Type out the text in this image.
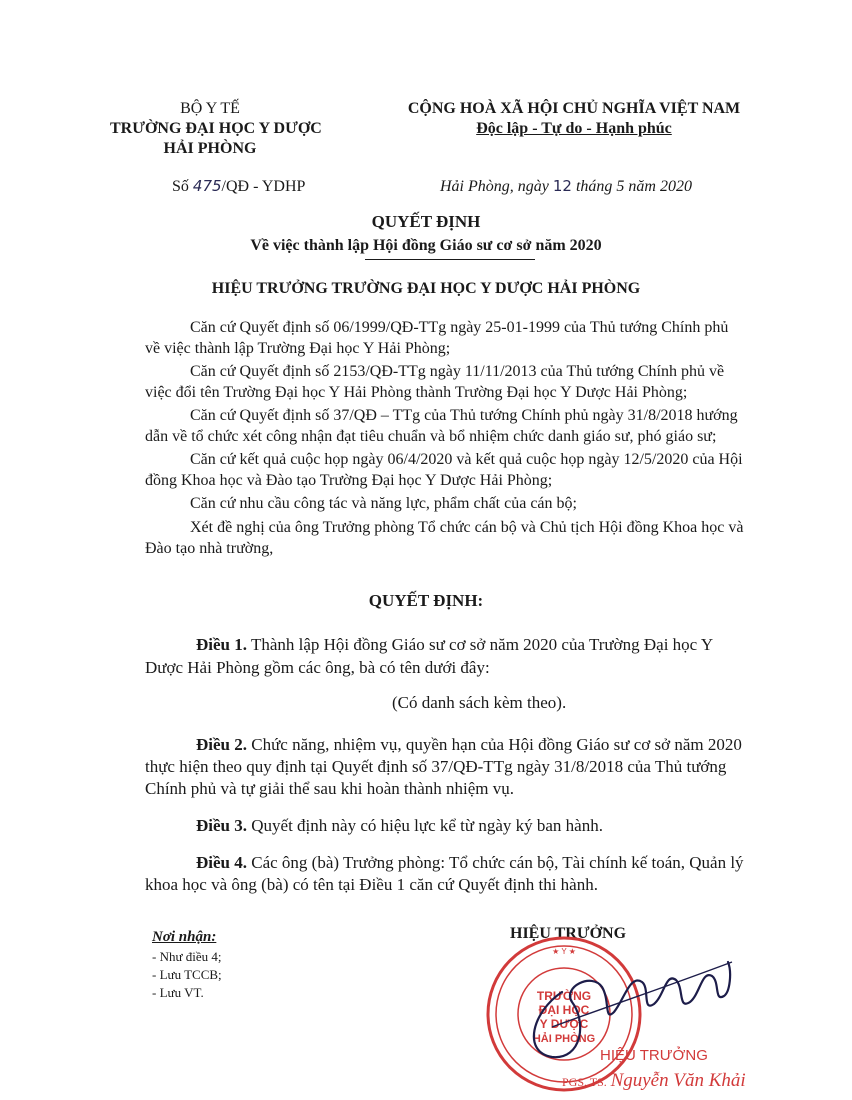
BỘ Y TẾ
TRƯỜNG ĐẠI HỌC Y DƯỢC
HẢI PHÒNG
CỘNG HOÀ XÃ HỘI CHỦ NGHĨA VIỆT NAM
Độc lập - Tự do - Hạnh phúc
Số 475/QĐ - YDHP	Hải Phòng, ngày 12 tháng 5 năm 2020
QUYẾT ĐỊNH
Về việc thành lập Hội đồng Giáo sư cơ sở năm 2020
HIỆU TRƯỞNG TRƯỜNG ĐẠI HỌC Y DƯỢC HẢI PHÒNG
Căn cứ Quyết định số 06/1999/QĐ-TTg ngày 25-01-1999 của Thủ tướng Chính phủ
về việc thành lập Trường Đại học Y Hải Phòng;
Căn cứ Quyết định số 2153/QĐ-TTg ngày 11/11/2013 của Thủ tướng Chính phủ về
việc đổi tên Trường Đại học Y Hải Phòng thành Trường Đại học Y Dược Hải Phòng;
Căn cứ Quyết định số 37/QĐ – TTg của Thủ tướng Chính phủ ngày 31/8/2018 hướng
dẫn về tổ chức xét công nhận đạt tiêu chuẩn và bổ nhiệm chức danh giáo sư, phó giáo sư;
Căn cứ kết quả cuộc họp ngày 06/4/2020 và kết quả cuộc họp ngày 12/5/2020 của Hội
đồng Khoa học và Đào tạo Trường Đại học Y Dược Hải Phòng;
Căn cứ nhu cầu công tác và năng lực, phẩm chất của cán bộ;
Xét đề nghị của ông Trưởng phòng Tổ chức cán bộ và Chủ tịch Hội đồng Khoa học và
Đào tạo nhà trường,
QUYẾT ĐỊNH:
Điều 1. Thành lập Hội đồng Giáo sư cơ sở năm 2020 của Trường Đại học Y
Dược Hải Phòng gồm các ông, bà có tên dưới đây:
(Có danh sách kèm theo).
Điều 2. Chức năng, nhiệm vụ, quyền hạn của Hội đồng Giáo sư cơ sở năm 2020
thực hiện theo quy định tại Quyết định số 37/QĐ-TTg ngày 31/8/2018 của Thủ tướng
Chính phủ và tự giải thể sau khi hoàn thành nhiệm vụ.
Điều 3. Quyết định này có hiệu lực kể từ ngày ký ban hành.
Điều 4. Các ông (bà) Trưởng phòng: Tổ chức cán bộ, Tài chính kế toán, Quản lý
khoa học và ông (bà) có tên tại Điều 1 căn cứ Quyết định thi hành.
Nơi nhận:
- Như điều 4;
- Lưu TCCB;
- Lưu VT.
HIỆU TRƯỞNG
★ Y ★
TRƯỜNG
ĐẠI HỌC
Y DƯỢC
HẢI PHÒNG
HIỆU TRƯỞNG
PGS. TS. Nguyễn Văn Khải
